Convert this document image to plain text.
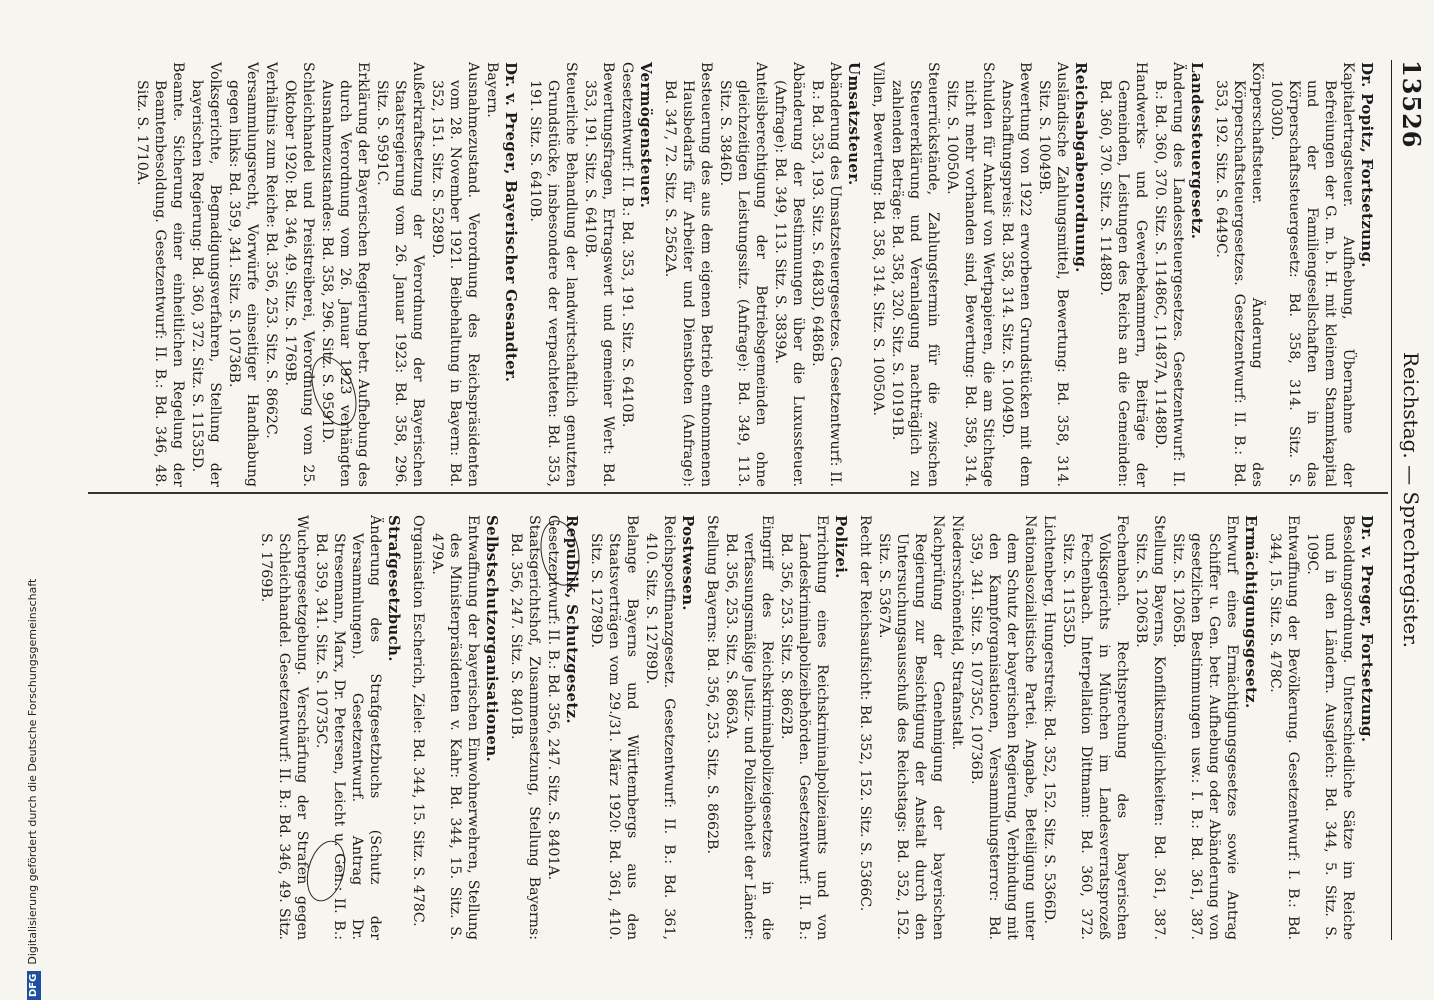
13526
Reichstag. — Sprechregister.

Dr. Popitz, Fortsetzung.

Kapitalertragsteuer. Aufhebung, Übernahme der Befreiungen der G. m. b. H. mit kleinem Stammkapital und der Familiengesellschaften in das Körperschaftssteuergesetz: Bd. 358, 314. Sitz. S. 10030D.

Körperschaftsteuer. Änderung des Körperschaftsteuergesetzes. Gesetzentwurf: II. B.: Bd. 353, 192. Sitz. S. 6449C.

Landessteuergesetz.

Änderung des Landessteuergesetzes. Gesetzentwurf: II. B.: Bd. 360, 370. Sitz. S. 11486C, 11487A, 11488D.

Handwerks- und Gewerbekammern, Beiträge der Gemeinden, Leistungen des Reichs an die Gemeinden: Bd. 360, 370. Sitz. S. 11488D.

Reichsabgabenordnung.

Ausländische Zahlungsmittel, Bewertung: Bd. 358, 314. Sitz. S. 10049B.

Bewertung von 1922 erworbenen Grundstücken mit dem Anschaffungspreis: Bd. 358, 314. Sitz. S. 10049D.

Schulden für Ankauf von Wertpapieren, die am Stichtage nicht mehr vorhanden sind, Bewertung: Bd. 358, 314. Sitz. S. 10050A.

Steuerrückstände, Zahlungstermin für die zwischen Steuererklärung und Veranlagung nachträglich zu zahlenden Beträge: Bd. 358, 320. Sitz. S. 10191B.

Villen, Bewertung: Bd. 358, 314. Sitz. S. 10050A.

Umsatzsteuer.

Abänderung des Umsatzsteuergesetzes. Gesetzentwurf: II. B.: Bd. 353, 193. Sitz. S. 6483D, 6486B.

Abänderung der Bestimmungen über die Luxussteuer. (Anfrage): Bd. 349, 113. Sitz. S. 3839A.

Anteilsberechtigung der Betriebsgemeinden ohne gleichzeitigen Leistungssitz. (Anfrage): Bd. 349, 113. Sitz. S. 3846D.

Besteuerung des aus dem eigenen Betrieb entnommenen Hausbedarfs für Arbeiter und Dienstboten (Anfrage): Bd. 347, 72. Sitz. S. 2562A.

Vermögensteuer.

Gesetzentwurf: II. B.: Bd. 353, 191. Sitz. S. 6410B.

Bewertungsfragen, Ertragswert und gemeiner Wert: Bd. 353, 191. Sitz. S. 6410B.

Steuerliche Behandlung der landwirtschaftlich genutzten Grundstücke, insbesondere der verpachteten: Bd. 353, 191. Sitz. S. 6410B.

Dr. v. Preger, Bayerischer Gesandter.

Bayern.

Ausnahmezustand. Verordnung des Reichspräsidenten vom 28. November 1921. Beibehaltung in Bayern: Bd. 352, 151. Sitz. S. 5289D.

Außerkraftsetzung der Verordnung der Bayerischen Staatsregierung vom 26. Januar 1923: Bd. 358, 296. Sitz. S. 9591C.

Erklärung der Bayerischen Regierung betr. Aufhebung des durch Verordnung vom 26. Januar 1923 verhängten Ausnahmezustandes: Bd. 358, 296. Sitz. S. 9591D.

Schleichhandel und Preistreiberei, Verordnung vom 25. Oktober 1920: Bd. 346, 49. Sitz. S. 1769B.

Verhältnis zum Reiche: Bd. 356, 253. Sitz. S. 8662C.

Versammlungsrecht, Vorwürfe einseitiger Handhabung gegen links: Bd. 359, 341. Sitz. S. 10736B.

Volksgerichte, Begnadigungsverfahren, Stellung der bayerischen Regierung: Bd. 360, 372. Sitz. S. 11535D.

Beamte. Sicherung einer einheitlichen Regelung der Beamtenbesoldung. Gesetzentwurf: II. B.: Bd. 346, 48. Sitz. S. 1710A.

Dr. v. Preger, Fortsetzung.

Besoldungsordnung. Unterschiedliche Sätze im Reiche und in den Ländern. Ausgleich: Bd. 344, 5. Sitz. S. 109C.

Entwaffnung der Bevölkerung. Gesetzentwurf: I. B.: Bd. 344, 15. Sitz. S. 478C.

Ermächtigungsgesetz.

Entwurf eines Ermächtigungsgesetzes sowie Antrag Schiffer u. Gen. betr. Aufhebung oder Abänderung von gesetzlichen Bestimmungen usw.: I. B.: Bd. 361, 387. Sitz. S. 12065B.

Stellung Bayerns, Konfliktsmöglichkeiten: Bd. 361, 387. Sitz. S. 12063B.

Fechenbach. Rechtsprechung des bayerischen Volksgerichts in München im Landesverratsprozeß Fechenbach. Interpellation Dittmann: Bd. 360, 372. Sitz. S. 11535D.

Lichtenberg, Hungerstreik: Bd. 352, 152. Sitz. S. 5366D.

Nationalsozialistische Partei. Angabe, Beteiligung unter dem Schutz der bayerischen Regierung, Verbindung mit den Kampforganisationen, Versammlungsterror: Bd. 359, 341. Sitz. S. 10735C, 10736B.

Niederschönenfeld, Strafanstalt.

Nachprüfung der Genehmigung der bayerischen Regierung zur Besichtigung der Anstalt durch den Untersuchungsausschuß des Reichstags: Bd. 352, 152. Sitz. S. 5367A.

Recht der Reichsaufsicht: Bd. 352, 152. Sitz. S. 5366C.

Polizei.

Errichtung eines Reichskriminalpolizeiamts und von Landeskriminalpolizeibehörden. Gesetzentwurf: II. B.: Bd. 356, 253. Sitz. S. 8662B.

Eingriff des Reichskriminalpolizeigesetzes in die verfassungsmäßige Justiz- und Polizeihoheit der Länder: Bd. 356, 253. Sitz. S. 8663A.

Stellung Bayerns: Bd. 356, 253. Sitz. S. 8662B.

Postwesen.

Reichspostfinanzgesetz. Gesetzentwurf: II. B.: Bd. 361, 410. Sitz. S. 12789D.

Belange Bayerns und Württembergs aus den Staatsverträgen vom 29./31. März 1920: Bd. 361, 410. Sitz. S. 12789D.

Republik, Schutzgesetz.

Gesetzentwurf: II. B.: Bd. 356, 247. Sitz. S. 8401A.

Staatsgerichtshof, Zusammensetzung, Stellung Bayerns: Bd. 356, 247. Sitz. S. 8401B.

Selbstschutzorganisationen.

Entwaffnung der bayerischen Einwohnerwehren, Stellung des Ministerpräsidenten v. Kahr: Bd. 344, 15. Sitz. S. 479A.

Organisation Escherich, Ziele: Bd. 344, 15. Sitz. S. 478C.

Strafgesetzbuch.

Änderung des Strafgesetzbuchs (Schutz der Versammlungen). Gesetzentwurf. Antrag Dr. Stresemann, Marx, Dr. Petersen, Leicht u. Gen.: II. B.: Bd. 359, 341. Sitz. S. 10735C.

Wuchergesetzgebung. Verschärfung der Strafen gegen Schleichhandel. Gesetzentwurf: II. B.: Bd. 346, 49. Sitz. S. 1769B.

DFGDigitalisierung gefördert durch die Deutsche Forschungsgemeinschaft
